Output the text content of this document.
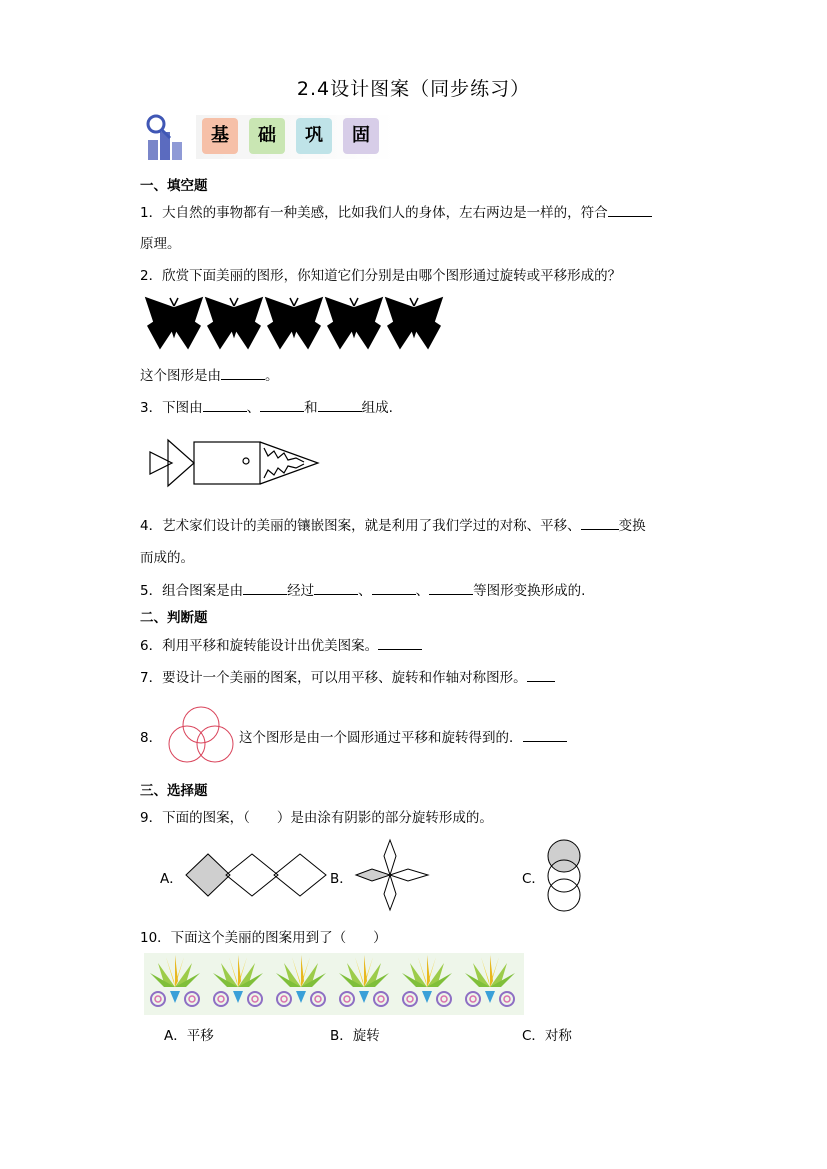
2.4设计图案（同步练习）
基	础	巩	固
一、填空题
1．大自然的事物都有一种美感，比如我们人的身体，左右两边是一样的，符合
原理。
2．欣赏下面美丽的图形，你知道它们分别是由哪个图形通过旋转或平移形成的？
这个图形是由	。
3．下图由	、	和	组成.
4．艺术家们设计的美丽的镶嵌图案，就是利用了我们学过的对称、平移、	变换
而成的。
5．组合图案是由	经过	、	、	等图形变换形成的.
二、判断题
6．利用平移和旋转能设计出优美图案。
7．要设计一个美丽的图案，可以用平移、旋转和作轴对称图形。
8．	这个图形是由一个圆形通过平移和旋转得到的．
三、选择题
9．下面的图案，（　　）是由涂有阴影的部分旋转形成的。
A．	B．	C．
10．下面这个美丽的图案用到了（　　）
A．平移	B．旋转	C．对称
